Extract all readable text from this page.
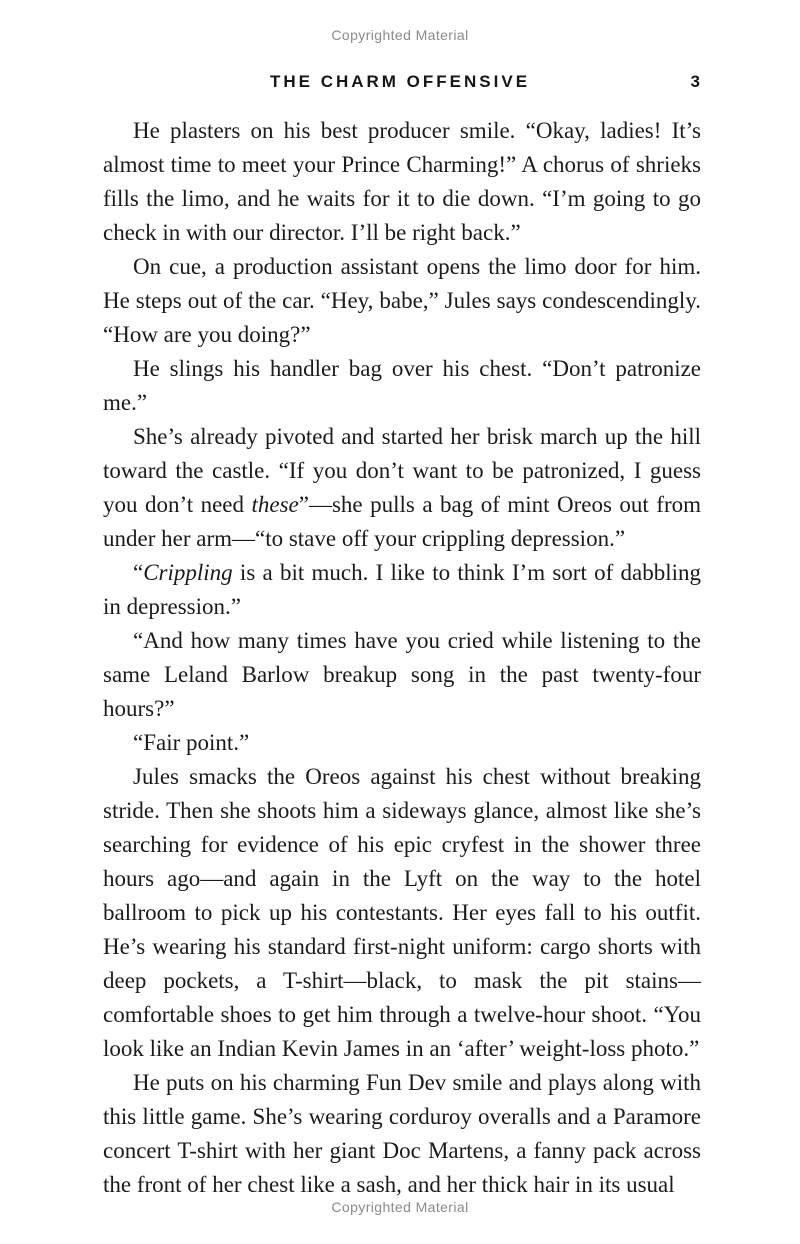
Copyrighted Material
THE CHARM OFFENSIVE	3

He plasters on his best producer smile. “Okay, ladies! It’s almost time to meet your Prince Charming!” A chorus of shrieks fills the limo, and he waits for it to die down. “I’m going to go check in with our director. I’ll be right back.”

On cue, a production assistant opens the limo door for him. He steps out of the car. “Hey, babe,” Jules says condescendingly. “How are you doing?”

He slings his handler bag over his chest. “Don’t patronize me.”

She’s already pivoted and started her brisk march up the hill toward the castle. “If you don’t want to be patronized, I guess you don’t need these”—she pulls a bag of mint Oreos out from under her arm—“to stave off your crippling depression.”

“Crippling is a bit much. I like to think I’m sort of dabbling in depression.”

“And how many times have you cried while listening to the same Leland Barlow breakup song in the past twenty-four hours?”

“Fair point.”

Jules smacks the Oreos against his chest without breaking stride. Then she shoots him a sideways glance, almost like she’s searching for evidence of his epic cryfest in the shower three hours ago—and again in the Lyft on the way to the hotel ballroom to pick up his contestants. Her eyes fall to his outfit. He’s wearing his standard first-night uniform: cargo shorts with deep pockets, a T-shirt—black, to mask the pit stains—comfortable shoes to get him through a twelve-hour shoot. “You look like an Indian Kevin James in an ‘after’ weight-loss photo.”

He puts on his charming Fun Dev smile and plays along with this little game. She’s wearing corduroy overalls and a Paramore concert T-shirt with her giant Doc Martens, a fanny pack across the front of her chest like a sash, and her thick hair in its usual

Copyrighted Material
